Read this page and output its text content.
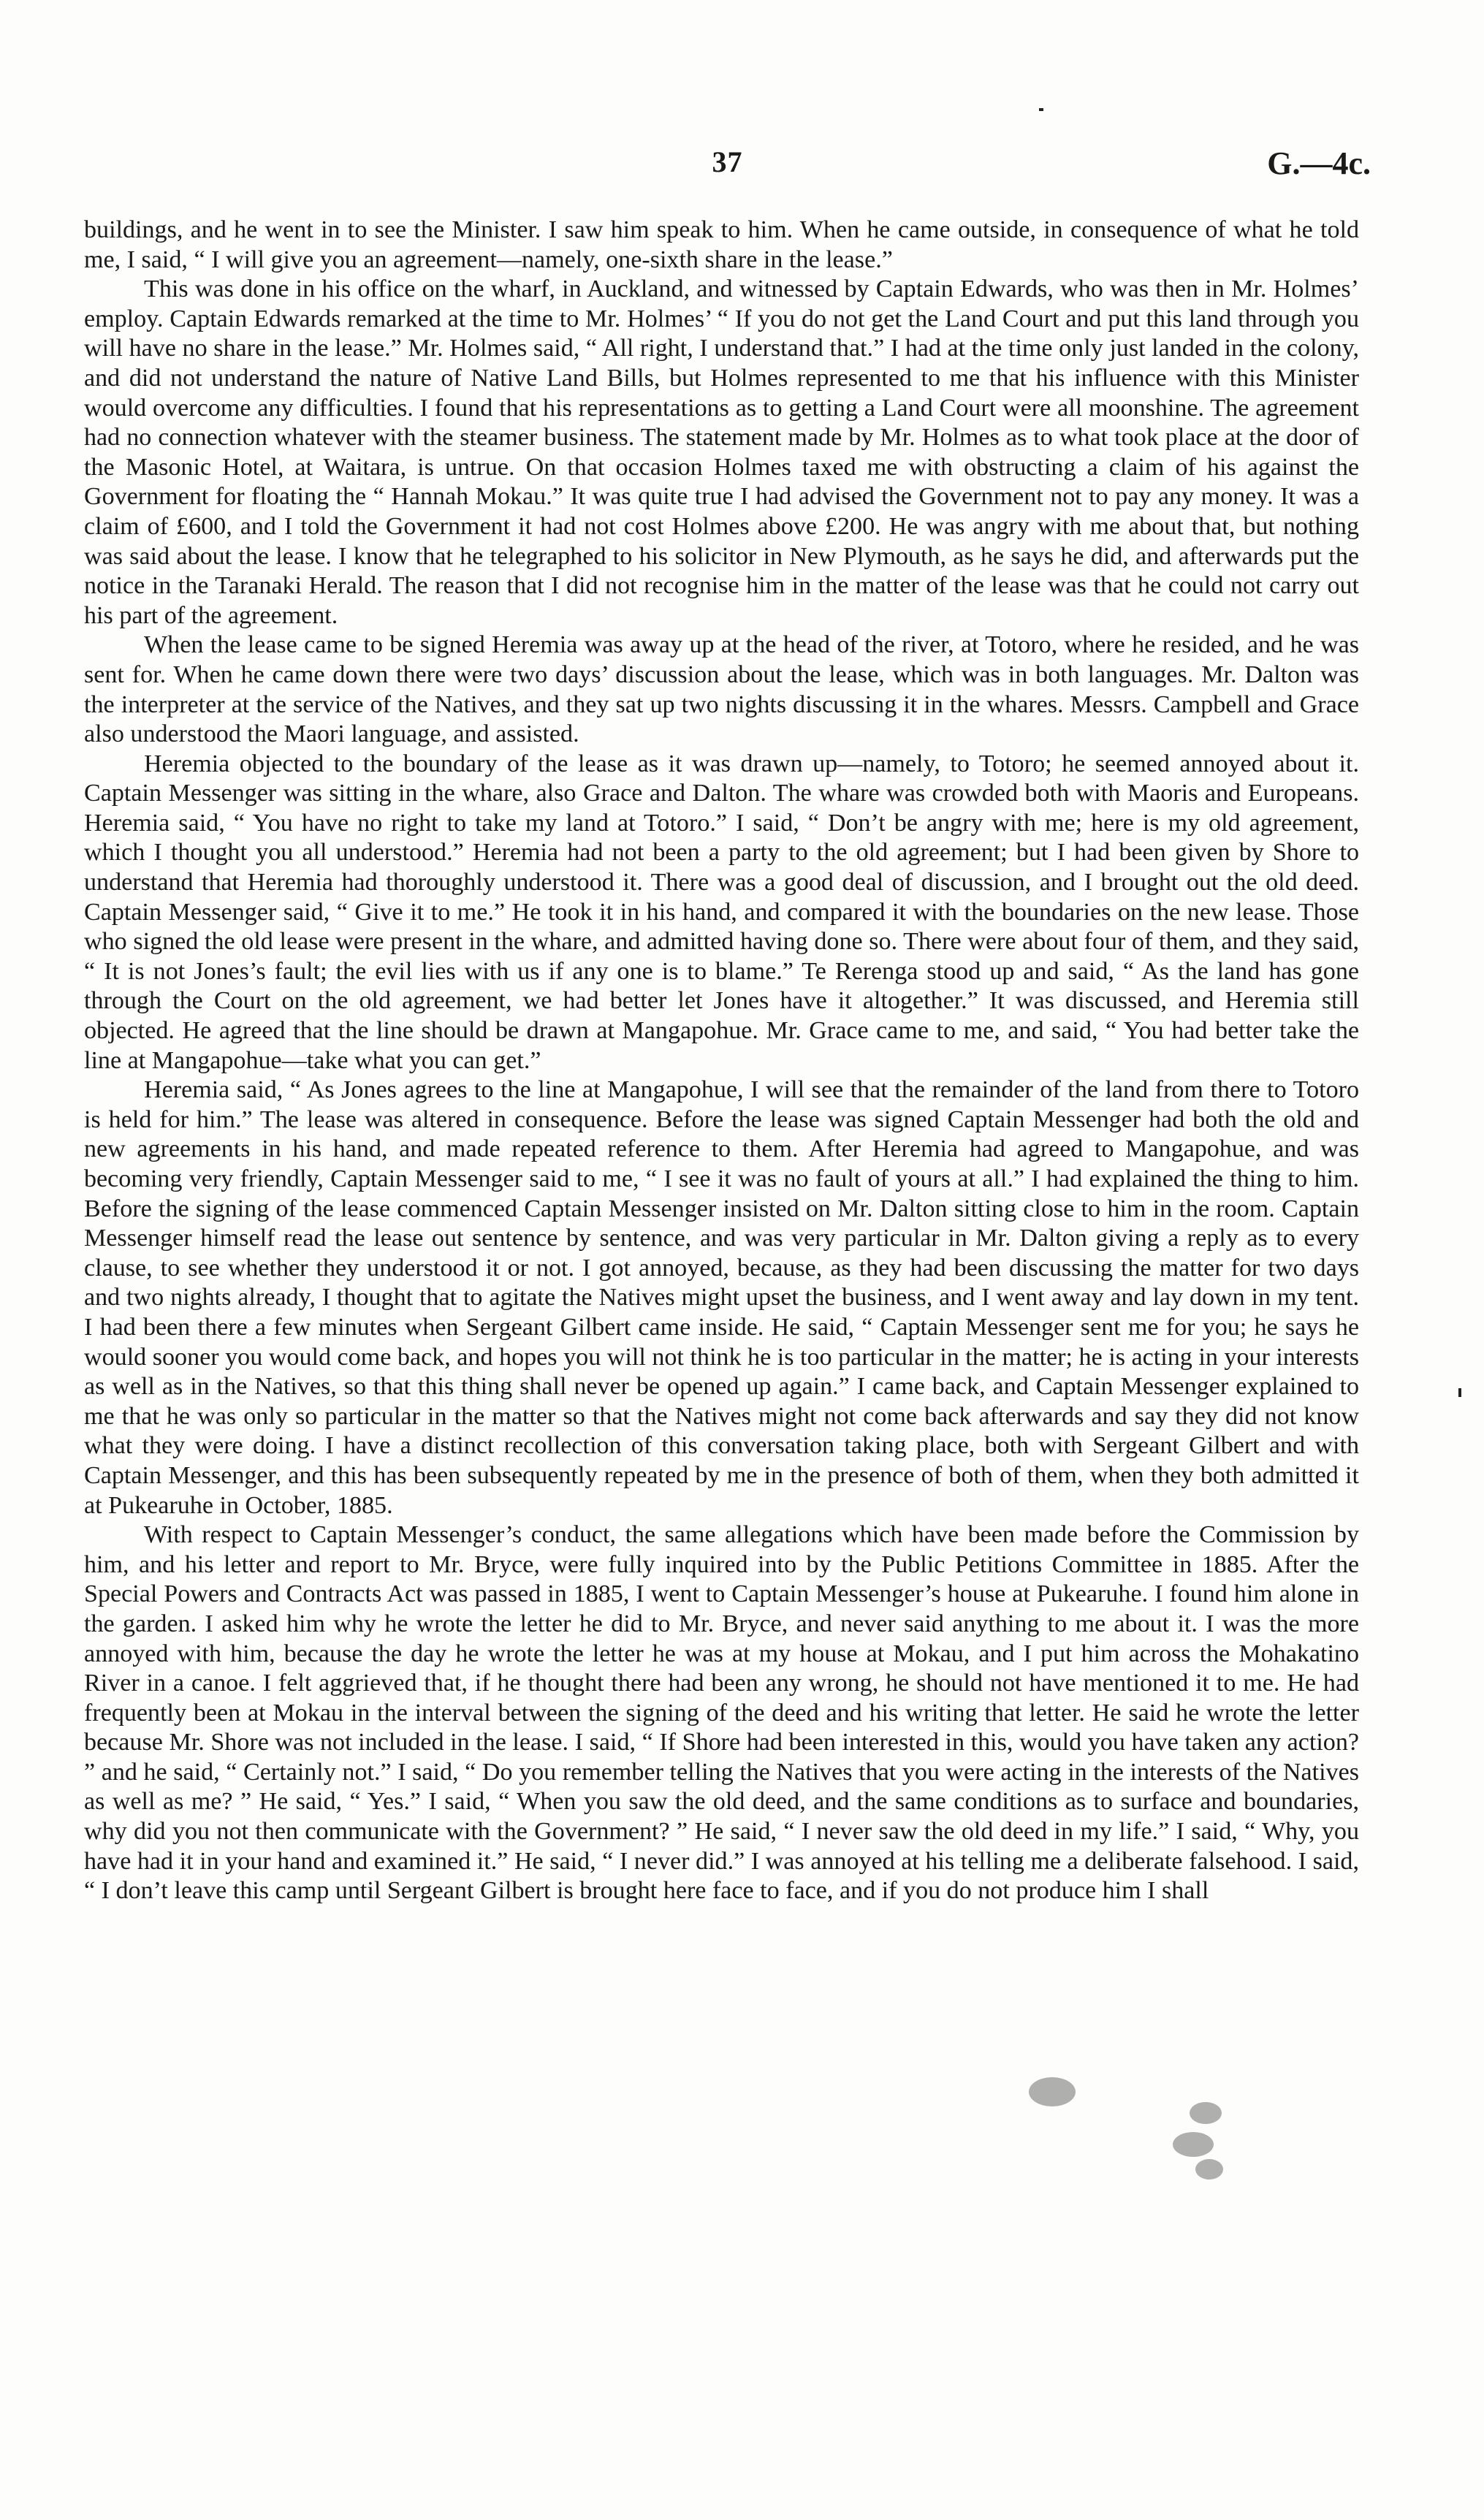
37	G.—4c.

buildings, and he went in to see the Minister. I saw him speak to him. When he came outside, in consequence of what he told me, I said, “ I will give you an agreement—namely, one-sixth share in the lease.”

This was done in his office on the wharf, in Auckland, and witnessed by Captain Edwards, who was then in Mr. Holmes’ employ. Captain Edwards remarked at the time to Mr. Holmes’ “ If you do not get the Land Court and put this land through you will have no share in the lease.” Mr. Holmes said, “ All right, I understand that.” I had at the time only just landed in the colony, and did not understand the nature of Native Land Bills, but Holmes represented to me that his influence with this Minister would overcome any difficulties. I found that his representations as to getting a Land Court were all moonshine. The agreement had no connection whatever with the steamer business. The statement made by Mr. Holmes as to what took place at the door of the Masonic Hotel, at Waitara, is untrue. On that occasion Holmes taxed me with obstructing a claim of his against the Government for floating the “ Hannah Mokau.” It was quite true I had advised the Government not to pay any money. It was a claim of £600, and I told the Government it had not cost Holmes above £200. He was angry with me about that, but nothing was said about the lease. I know that he telegraphed to his solicitor in New Plymouth, as he says he did, and afterwards put the notice in the Taranaki Herald. The reason that I did not recognise him in the matter of the lease was that he could not carry out his part of the agreement.

When the lease came to be signed Heremia was away up at the head of the river, at Totoro, where he resided, and he was sent for. When he came down there were two days’ discussion about the lease, which was in both languages. Mr. Dalton was the interpreter at the service of the Natives, and they sat up two nights discussing it in the whares. Messrs. Campbell and Grace also understood the Maori language, and assisted.

Heremia objected to the boundary of the lease as it was drawn up—namely, to Totoro; he seemed annoyed about it. Captain Messenger was sitting in the whare, also Grace and Dalton. The whare was crowded both with Maoris and Europeans. Heremia said, “ You have no right to take my land at Totoro.” I said, “ Don’t be angry with me; here is my old agreement, which I thought you all understood.” Heremia had not been a party to the old agreement; but I had been given by Shore to understand that Heremia had thoroughly understood it. There was a good deal of discussion, and I brought out the old deed. Captain Messenger said, “ Give it to me.” He took it in his hand, and compared it with the boundaries on the new lease. Those who signed the old lease were present in the whare, and admitted having done so. There were about four of them, and they said, “ It is not Jones’s fault; the evil lies with us if any one is to blame.” Te Rerenga stood up and said, “ As the land has gone through the Court on the old agreement, we had better let Jones have it altogether.” It was discussed, and Heremia still objected. He agreed that the line should be drawn at Mangapohue. Mr. Grace came to me, and said, “ You had better take the line at Mangapohue—take what you can get.”

Heremia said, “ As Jones agrees to the line at Mangapohue, I will see that the remainder of the land from there to Totoro is held for him.” The lease was altered in consequence. Before the lease was signed Captain Messenger had both the old and new agreements in his hand, and made repeated reference to them. After Heremia had agreed to Mangapohue, and was becoming very friendly, Captain Messenger said to me, “ I see it was no fault of yours at all.” I had explained the thing to him. Before the signing of the lease commenced Captain Messenger insisted on Mr. Dalton sitting close to him in the room. Captain Messenger himself read the lease out sentence by sentence, and was very particular in Mr. Dalton giving a reply as to every clause, to see whether they understood it or not. I got annoyed, because, as they had been discussing the matter for two days and two nights already, I thought that to agitate the Natives might upset the business, and I went away and lay down in my tent. I had been there a few minutes when Sergeant Gilbert came inside. He said, “ Captain Messenger sent me for you; he says he would sooner you would come back, and hopes you will not think he is too particular in the matter; he is acting in your interests as well as in the Natives, so that this thing shall never be opened up again.” I came back, and Captain Messenger explained to me that he was only so particular in the matter so that the Natives might not come back afterwards and say they did not know what they were doing. I have a distinct recollection of this conversation taking place, both with Sergeant Gilbert and with Captain Messenger, and this has been subsequently repeated by me in the presence of both of them, when they both admitted it at Pukearuhe in October, 1885.

With respect to Captain Messenger’s conduct, the same allegations which have been made before the Commission by him, and his letter and report to Mr. Bryce, were fully inquired into by the Public Petitions Committee in 1885. After the Special Powers and Contracts Act was passed in 1885, I went to Captain Messenger’s house at Pukearuhe. I found him alone in the garden. I asked him why he wrote the letter he did to Mr. Bryce, and never said anything to me about it. I was the more annoyed with him, because the day he wrote the letter he was at my house at Mokau, and I put him across the Mohakatino River in a canoe. I felt aggrieved that, if he thought there had been any wrong, he should not have mentioned it to me. He had frequently been at Mokau in the interval between the signing of the deed and his writing that letter. He said he wrote the letter because Mr. Shore was not included in the lease. I said, “ If Shore had been interested in this, would you have taken any action? ” and he said, “ Certainly not.” I said, “ Do you remember telling the Natives that you were acting in the interests of the Natives as well as me? ” He said, “ Yes.” I said, “ When you saw the old deed, and the same conditions as to surface and boundaries, why did you not then communicate with the Government? ” He said, “ I never saw the old deed in my life.” I said, “ Why, you have had it in your hand and examined it.” He said, “ I never did.” I was annoyed at his telling me a deliberate falsehood. I said, “ I don’t leave this camp until Sergeant Gilbert is brought here face to face, and if you do not produce him I shall
